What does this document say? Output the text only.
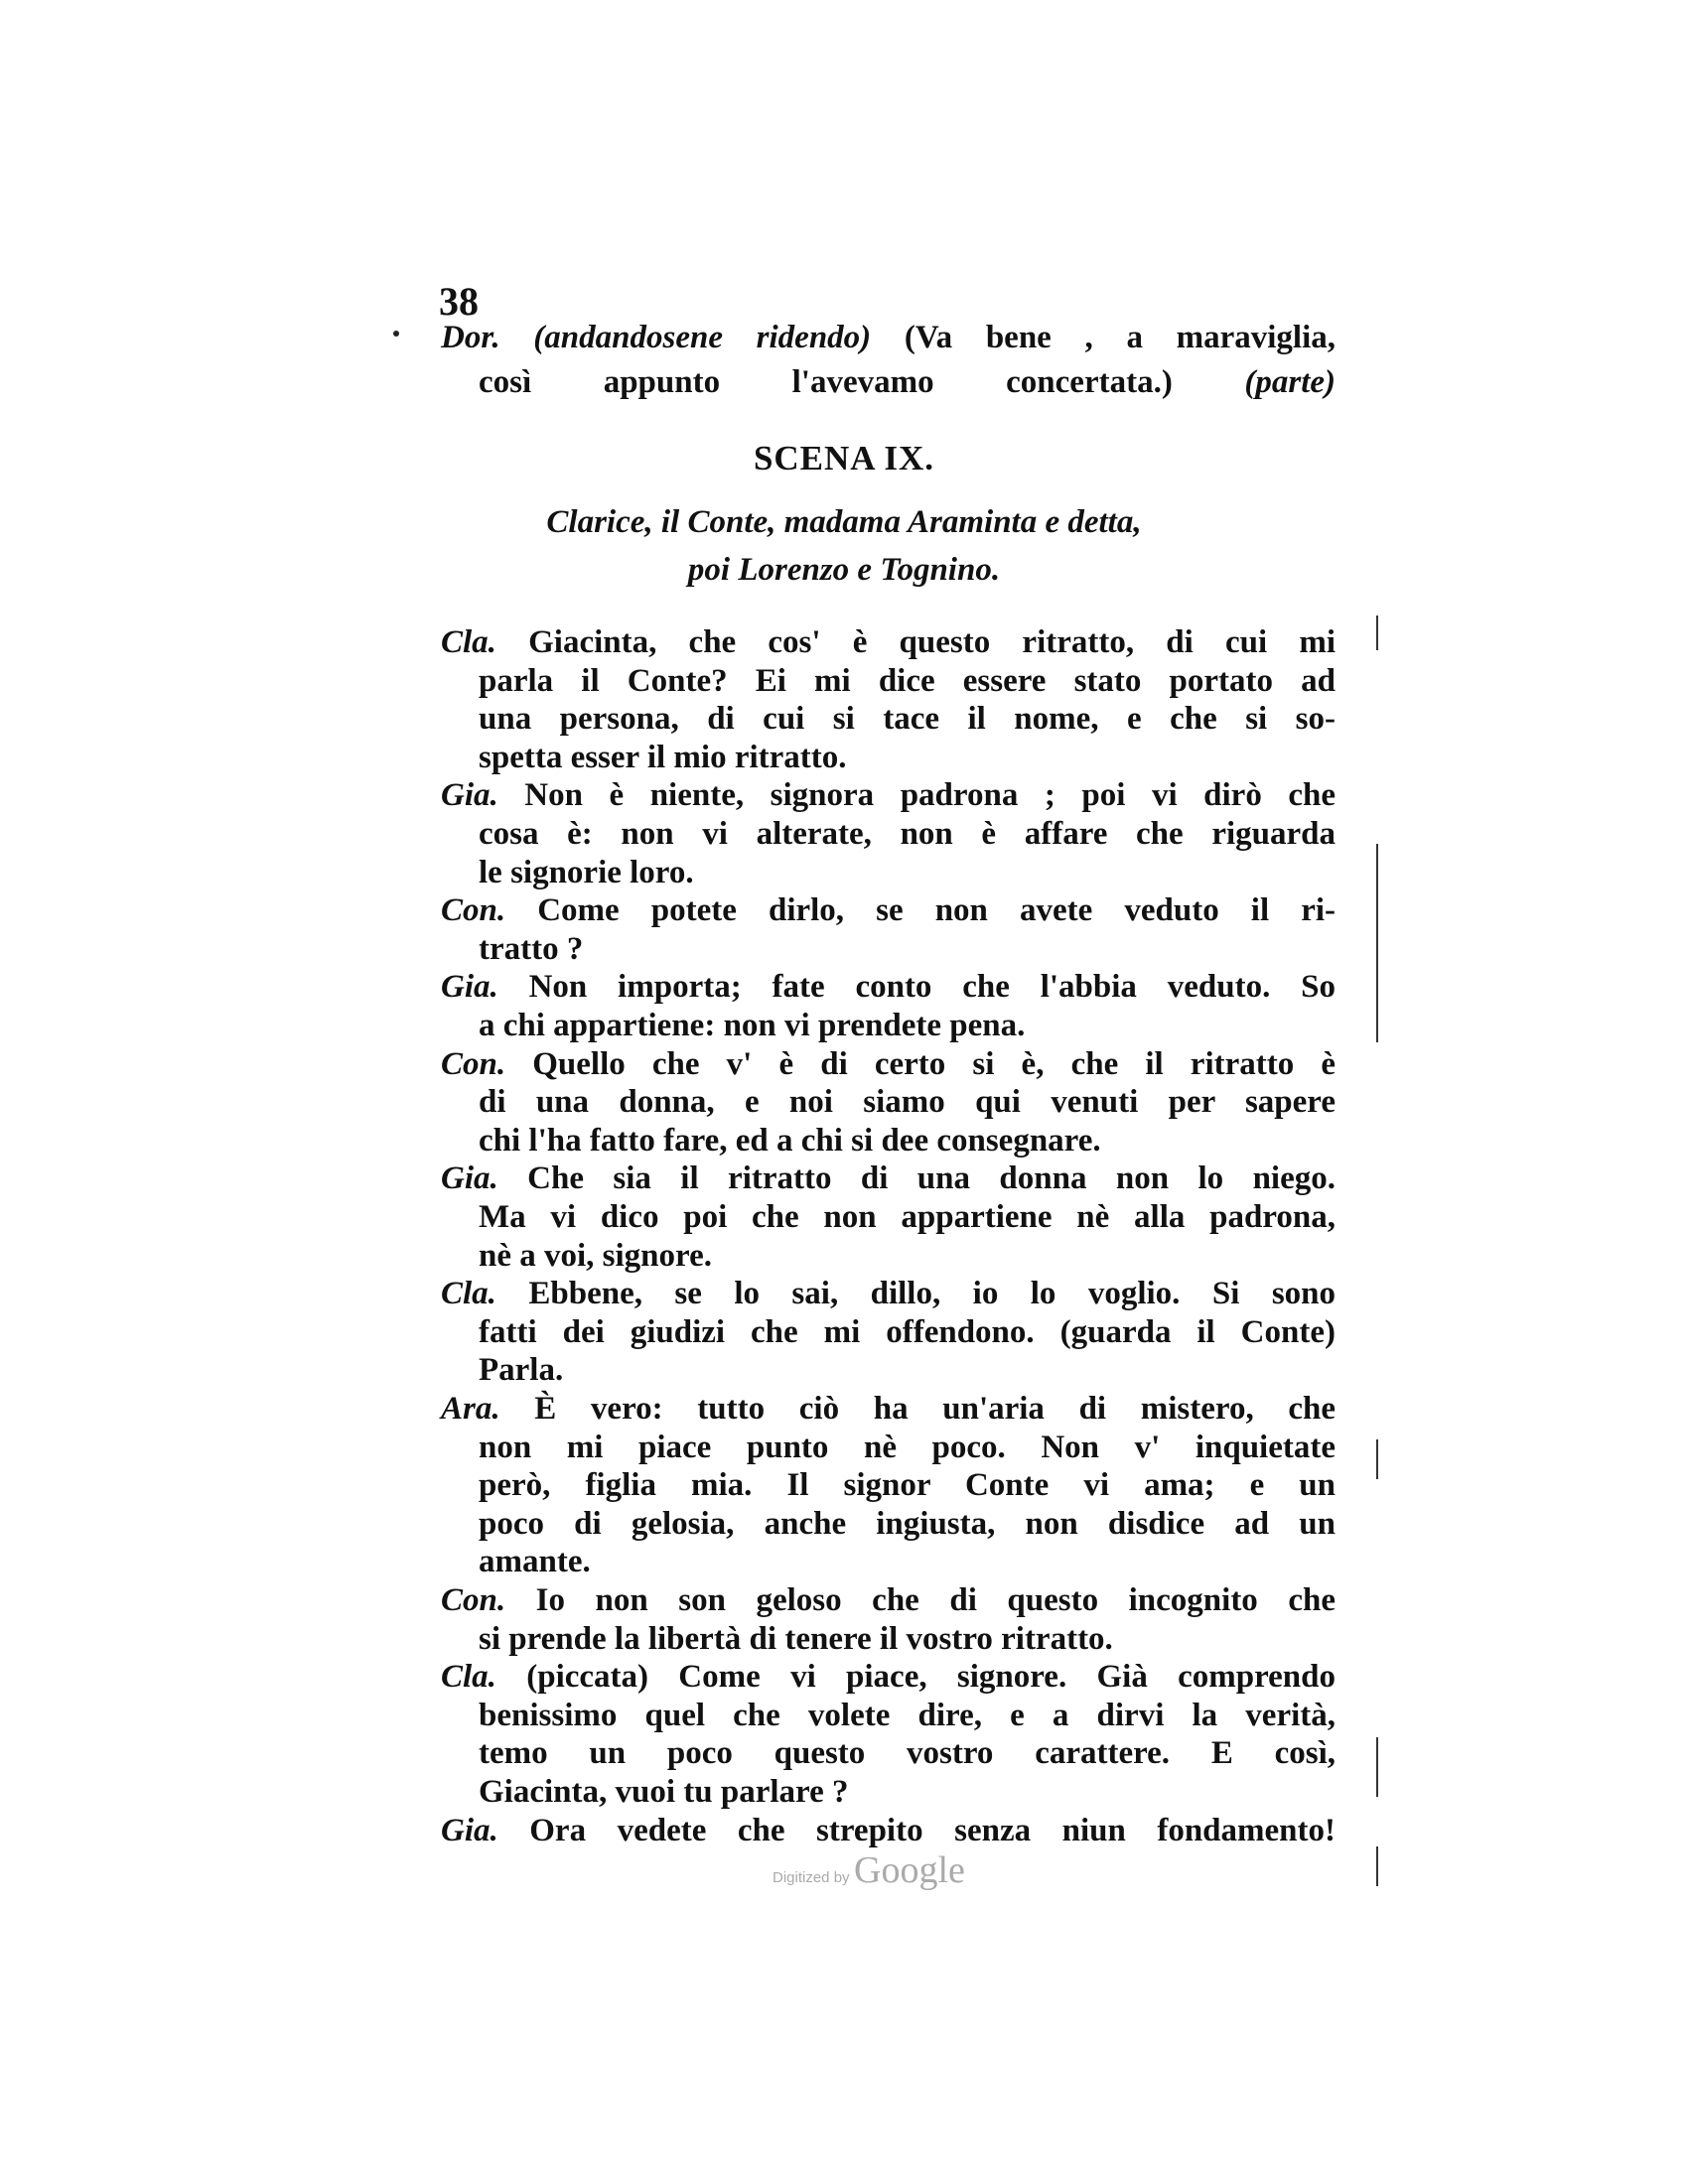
38
Dor. (andandosene ridendo) (Va bene , a maraviglia,
così appunto l'avevamo concertata.) (parte)
SCENA IX.
Clarice, il Conte, madama Araminta e detta,
poi Lorenzo e Tognino.
Cla. Giacinta, che cos' è questo ritratto, di cui mi
parla il Conte? Ei mi dice essere stato portato ad
una persona, di cui si tace il nome, e che si so-
spetta esser il mio ritratto.
Gia. Non è niente, signora padrona ; poi vi dirò che
cosa è: non vi alterate, non è affare che riguarda
le signorie loro.
Con. Come potete dirlo, se non avete veduto il ri-
tratto ?
Gia. Non importa; fate conto che l'abbia veduto. So
a chi appartiene: non vi prendete pena.
Con. Quello che v' è di certo si è, che il ritratto è
di una donna, e noi siamo qui venuti per sapere
chi l'ha fatto fare, ed a chi si dee consegnare.
Gia. Che sia il ritratto di una donna non lo niego.
Ma vi dico poi che non appartiene nè alla padrona,
nè a voi, signore.
Cla. Ebbene, se lo sai, dillo, io lo voglio. Si sono
fatti dei giudizi che mi offendono. (guarda il Conte)
Parla.
Ara. È vero: tutto ciò ha un'aria di mistero, che
non mi piace punto nè poco. Non v' inquietate
però, figlia mia. Il signor Conte vi ama; e un
poco di gelosia, anche ingiusta, non disdice ad un
amante.
Con. Io non son geloso che di questo incognito che
si prende la libertà di tenere il vostro ritratto.
Cla. (piccata) Come vi piace, signore. Già comprendo
benissimo quel che volete dire, e a dirvi la verità,
temo un poco questo vostro carattere. E così,
Giacinta, vuoi tu parlare ?
Gia. Ora vedete che strepito senza niun fondamento!
Digitized by Google
